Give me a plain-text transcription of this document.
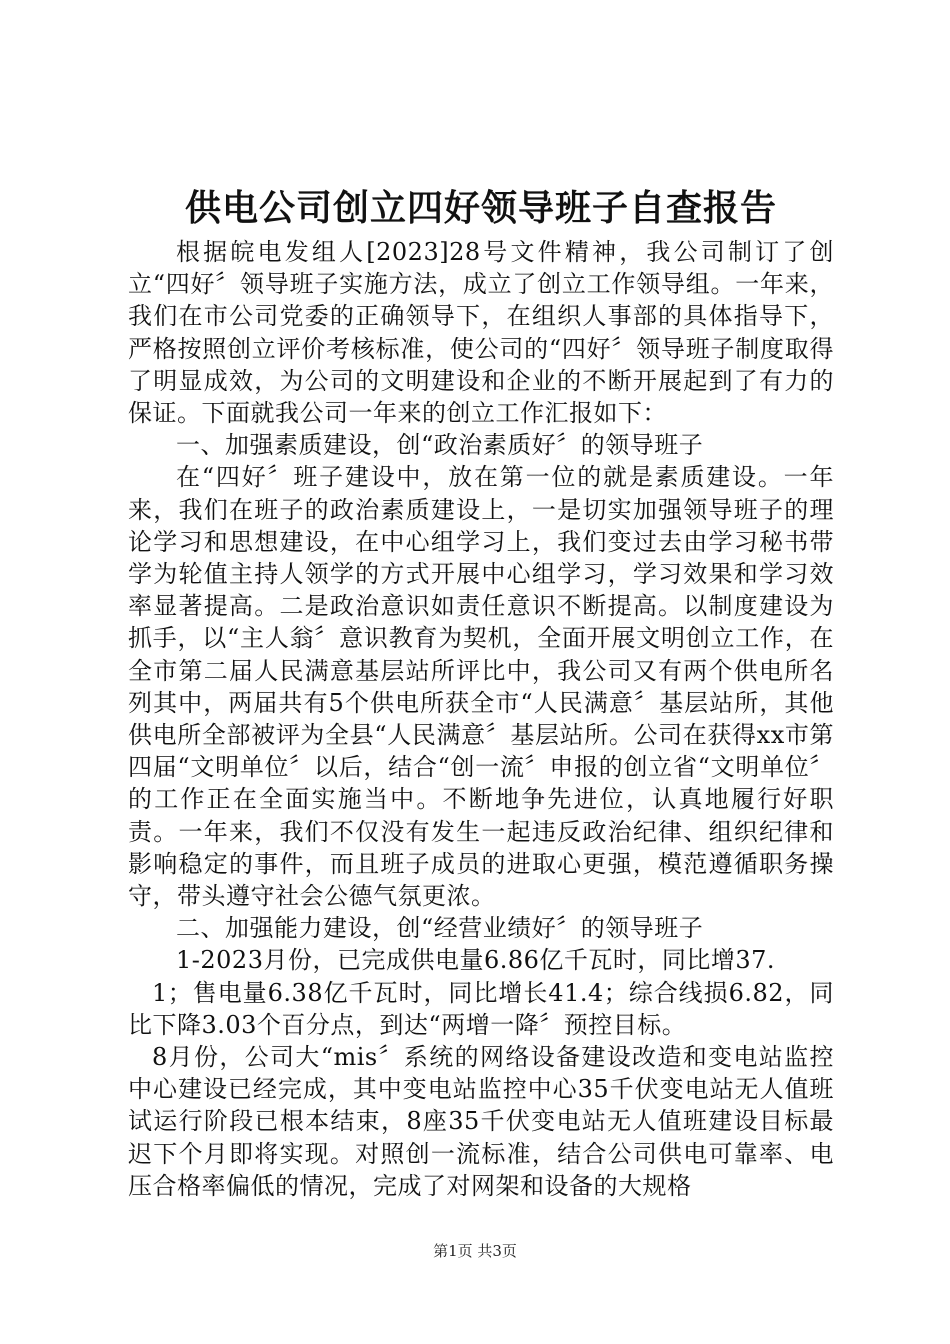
供电公司创立四好领导班子自查报告

根据皖电发组人[2023]28号文件精神，我公司制订了创立“四好〞领导班子实施方法，成立了创立工作领导组。一年来，我们在市公司党委的正确领导下，在组织人事部的具体指导下，严格按照创立评价考核标准，使公司的“四好〞领导班子制度取得了明显成效，为公司的文明建设和企业的不断开展起到了有力的保证。下面就我公司一年来的创立工作汇报如下：

一、加强素质建设，创“政治素质好〞的领导班子

在“四好〞班子建设中，放在第一位的就是素质建设。一年来，我们在班子的政治素质建设上，一是切实加强领导班子的理论学习和思想建设，在中心组学习上，我们变过去由学习秘书带学为轮值主持人领学的方式开展中心组学习，学习效果和学习效率显著提高。二是政治意识如责任意识不断提高。以制度建设为抓手，以“主人翁〞意识教育为契机，全面开展文明创立工作，在全市第二届人民满意基层站所评比中，我公司又有两个供电所名列其中，两届共有5个供电所获全市“人民满意〞基层站所，其他供电所全部被评为全县“人民满意〞基层站所。公司在获得xx市第四届“文明单位〞以后，结合“创一流〞申报的创立省“文明单位〞的工作正在全面实施当中。不断地争先进位，认真地履行好职责。一年来，我们不仅没有发生一起违反政治纪律、组织纪律和影响稳定的事件，而且班子成员的进取心更强，模范遵循职务操守，带头遵守社会公德气氛更浓。

二、加强能力建设，创“经营业绩好〞的领导班子

1-2023月份，已完成供电量6.86亿千瓦时，同比增37.

1；售电量6.38亿千瓦时，同比增长41.4；综合线损6.82，同比下降3.03个百分点，到达“两增一降〞预控目标。

8月份，公司大“mis〞系统的网络设备建设改造和变电站监控中心建设已经完成，其中变电站监控中心35千伏变电站无人值班试运行阶段已根本结束，8座35千伏变电站无人值班建设目标最迟下个月即将实现。对照创一流标准，结合公司供电可靠率、电压合格率偏低的情况，完成了对网架和设备的大规格

第1页 共3页
